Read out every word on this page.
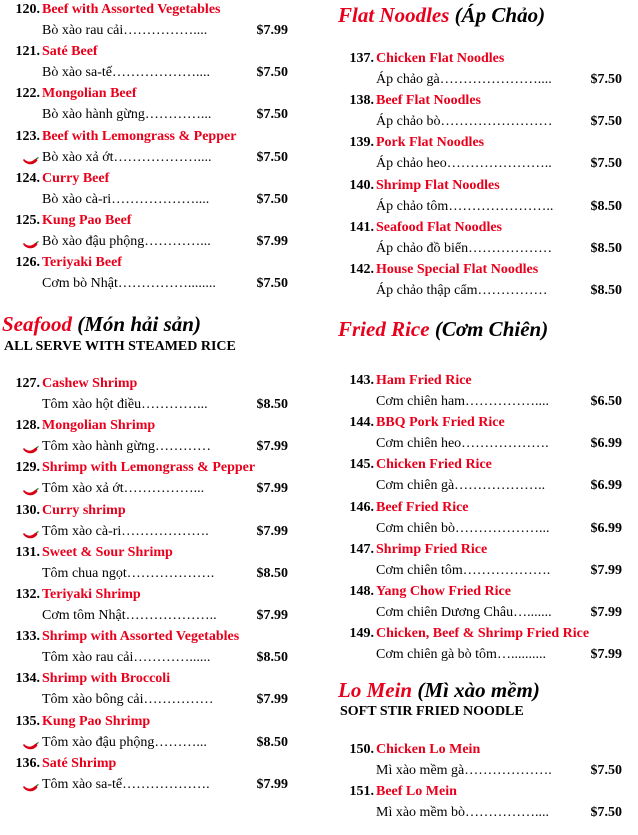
120. Beef with Assorted Vegetables
Bò xào rau cải……………....	$7.99
121. Saté Beef
Bò xào sa-tế………………....	$7.50
122. Mongolian Beef
Bò xào hành gừng…………...	$7.50
123. Beef with Lemongrass & Pepper
Bò xào xả ớt………………....	$7.50
124. Curry Beef
Bò xào cà-ri………………....	$7.50
125. Kung Pao Beef
Bò xào đậu phộng…………...	$7.99
126. Teriyaki Beef
Cơm bò Nhật……………........	$7.50
Seafood (Món hải sản)
ALL SERVE WITH STEAMED RICE
127. Cashew Shrimp
Tôm xào hột điều…………...	$8.50
128. Mongolian Shrimp
Tôm xào hành gừng…………	$7.99
129. Shrimp with Lemongrass & Pepper
Tôm xào xả ớt……………...	$7.99
130. Curry shrimp
Tôm xào cà-ri……………….	$7.99
131. Sweet & Sour Shrimp
Tôm chua ngọt……………….	$8.50
132. Teriyaki Shrimp
Cơm tôm Nhật………………..	$7.99
133. Shrimp with Assorted Vegetables
Tôm xào rau cải…………......	$8.50
134. Shrimp with Broccoli
Tôm xào bông cải……………	$7.99
135. Kung Pao Shrimp
Tôm xào đậu phộng………...	$8.50
136. Saté Shrimp
Tôm xào sa-tế……………….	$7.99
Flat Noodles (Áp Chảo)
137. Chicken Flat Noodles
Áp chảo gà…………………....	$7.50
138. Beef Flat Noodles
Áp chảo bò……………………	$7.50
139. Pork Flat Noodles
Áp chảo heo…………………..	$7.50
140. Shrimp Flat Noodles
Áp chảo tôm…………………..	$8.50
141. Seafood Flat Noodles
Áp chảo đồ biển………………	$8.50
142. House Special Flat Noodles
Áp chảo thập cẩm……………	$8.50
Fried Rice (Cơm Chiên)
143. Ham Fried Rice
Cơm chiên ham……………....	$6.50
144. BBQ Pork Fried Rice
Cơm chiên heo……………….	$6.99
145. Chicken Fried Rice
Cơm chiên gà………………..	$6.99
146. Beef Fried Rice
Cơm chiên bò………………...	$6.99
147. Shrimp Fried Rice
Cơm chiên tôm……………….	$7.99
148. Yang Chow Fried Rice
Cơm chiên Dương Châu….......	$7.99
149. Chicken, Beef & Shrimp Fried Rice
Cơm chiên gà bò tôm…..........	$7.99
Lo Mein (Mì xào mềm)
SOFT STIR FRIED NOODLE
150. Chicken Lo Mein
Mì xào mềm gà……………….	$7.50
151. Beef Lo Mein
Mì xào mềm bò……………....	$7.50
